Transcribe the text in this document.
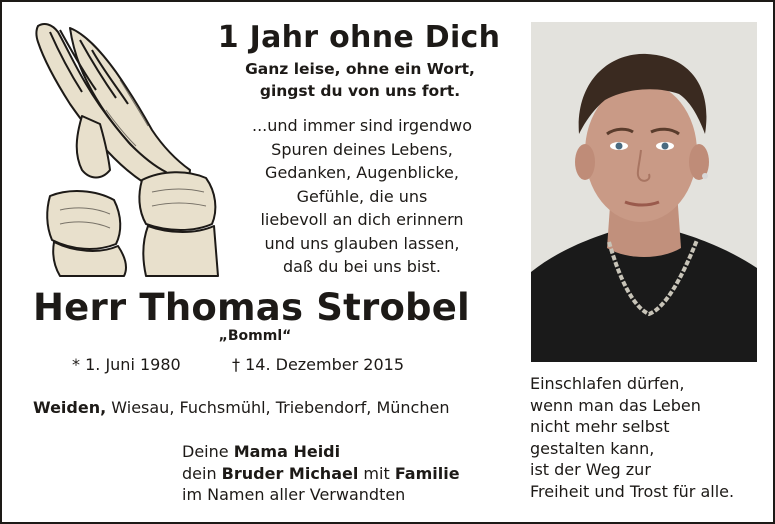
1 Jahr ohne Dich
Ganz leise, ohne ein Wort,
gingst du von uns fort.
...und immer sind irgendwo
Spuren deines Lebens,
Gedanken, Augenblicke,
Gefühle, die uns
liebevoll an dich erinnern
und uns glauben lassen,
daß du bei uns bist.
Herr Thomas Strobel
„Bomml“
* 1. Juni 1980	† 14. Dezember 2015
Weiden, Wiesau, Fuchsmühl, Triebendorf, München
Deine Mama Heidi
dein Bruder Michael mit Familie
im Namen aller Verwandten
Einschlafen dürfen,
wenn man das Leben
nicht mehr selbst
gestalten kann,
ist der Weg zur
Freiheit und Trost für alle.
